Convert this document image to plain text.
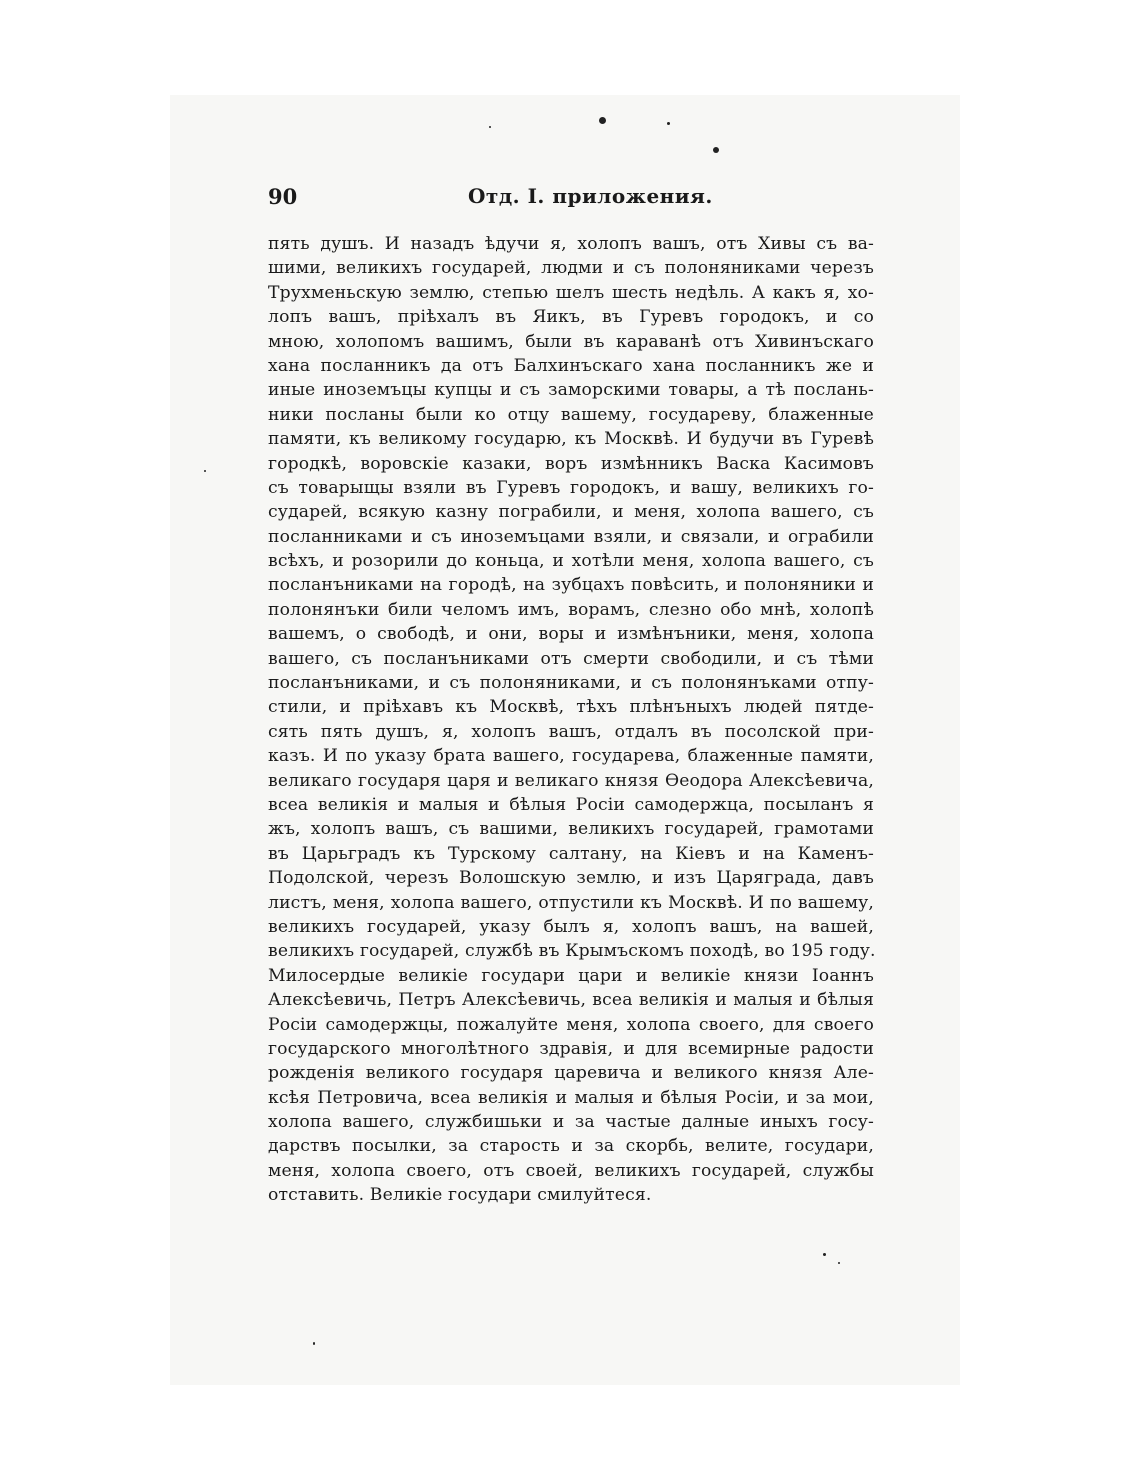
90	Отд. I. приложения.
пять душъ. И назадъ ѣдучи я, холопъ вашъ, отъ Хивы съ ва-
шими, великихъ государей, людми и съ полоняниками черезъ
Трухменьскую землю, степью шелъ шесть недѣль. А какъ я, хо-
лопъ вашъ, пріѣхалъ въ Яикъ, въ Гуревъ городокъ, и со
мною, холопомъ вашимъ, были въ караванѣ отъ Хивинъскаго
хана посланникъ да отъ Балхинъскаго хана посланникъ же и
иные иноземъцы купцы и съ заморскими товары, а тѣ послань-
ники посланы были ко отцу вашему, государеву, блаженные
памяти, къ великому государю, къ Москвѣ. И будучи въ Гуревѣ
городкѣ, воровскіе казаки, воръ измѣнникъ Васка Касимовъ
съ товарыщы взяли въ Гуревъ городокъ, и вашу, великихъ го-
сударей, всякую казну пограбили, и меня, холопа вашего, съ
посланниками и съ иноземъцами взяли, и связали, и ограбили
всѣхъ, и розорили до коньца, и хотѣли меня, холопа вашего, съ
посланъниками на городѣ, на зубцахъ повѣсить, и полоняники и
полонянъки били челомъ имъ, ворамъ, слезно обо мнѣ, холопѣ
вашемъ, о свободѣ, и они, воры и измѣнъники, меня, холопа
вашего, съ посланъниками отъ смерти свободили, и съ тѣми
посланъниками, и съ полоняниками, и съ полонянъками отпу-
стили, и пріѣхавъ къ Москвѣ, тѣхъ плѣнъныхъ людей пятде-
сять пять душъ, я, холопъ вашъ, отдалъ въ посолской при-
казъ. И по указу брата вашего, государева, блаженные памяти,
великаго государя царя и великаго князя Ѳеодора Алексѣевича,
всеа великія и малыя и бѣлыя Росіи самодержца, посыланъ я
жъ, холопъ вашъ, съ вашими, великихъ государей, грамотами
въ Царьградъ къ Турскому салтану, на Кіевъ и на Каменъ-
Подолской, черезъ Волошскую землю, и изъ Царяграда, давъ
листъ, меня, холопа вашего, отпустили къ Москвѣ. И по вашему,
великихъ государей, указу былъ я, холопъ вашъ, на вашей,
великихъ государей, службѣ въ Крымъскомъ походѣ, во 195 году.
Милосердые великіе государи цари и великіе князи Іоаннъ
Алексѣевичь, Петръ Алексѣевичь, всеа великія и малыя и бѣлыя
Росіи самодержцы, пожалуйте меня, холопа своего, для своего
государского многолѣтного здравія, и для всемирные радости
рожденія великого государя царевича и великого князя Але-
ксѣя Петровича, всеа великія и малыя и бѣлыя Росіи, и за мои,
холопа вашего, службишьки и за частые далные иныхъ госу-
дарствъ посылки, за старость и за скорбь, велите, государи,
меня, холопа своего, отъ своей, великихъ государей, службы
отставить. Великіе государи смилуйтеся.
